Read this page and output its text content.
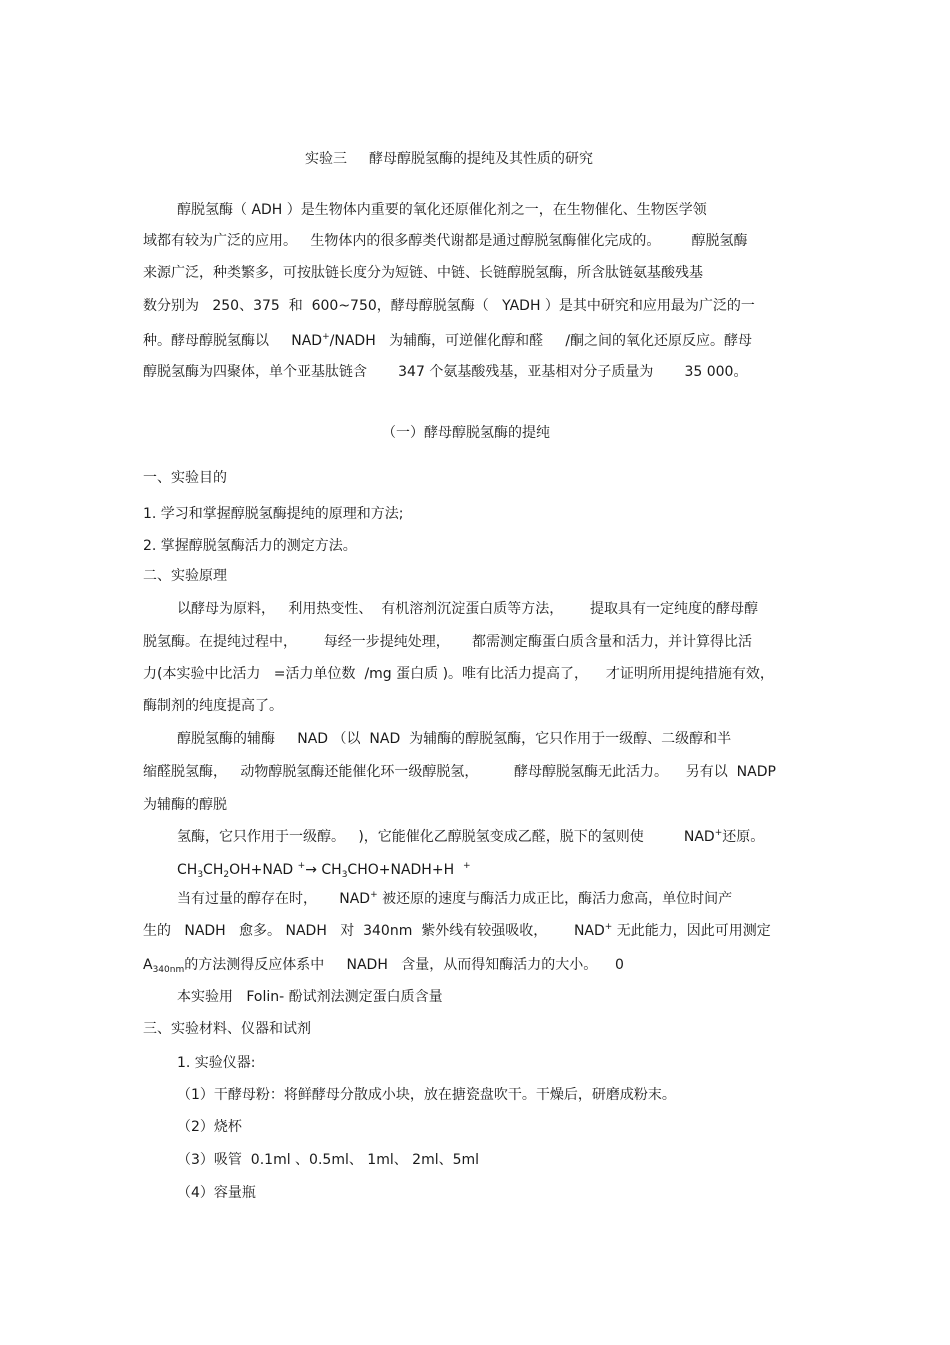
实验三 酵母醇脱氢酶的提纯及其性质的研究
醇脱氢酶（ ADH ）是生物体内重要的氧化还原催化剂之一，在生物催化、生物医学领
域都有较为广泛的应用。   生物体内的很多醇类代谢都是通过醇脱氢酶催化完成的。       醇脱氢酶
来源广泛，种类繁多，可按肽链长度分为短链、中链、长链醇脱氢酶，所含肽链氨基酸残基
数分别为   250、375  和  600~750，酵母醇脱氢酶（   YADH ）是其中研究和应用最为广泛的一
种。酵母醇脱氢酶以     NAD+/NADH   为辅酶，可逆催化醇和醛     /酮之间的氧化还原反应。酵母
醇脱氢酶为四聚体，单个亚基肽链含       347 个氨基酸残基，亚基相对分子质量为       35 000。
（一）酵母醇脱氢酶的提纯
一、实验目的
1. 学习和掌握醇脱氢酶提纯的原理和方法;
2. 掌握醇脱氢酶活力的测定方法。
二、实验原理
以酵母为原料，   利用热变性、  有机溶剂沉淀蛋白质等方法，      提取具有一定纯度的酵母醇
脱氢酶。在提纯过程中，      每经一步提纯处理，     都需测定酶蛋白质含量和活力，并计算得比活
力(本实验中比活力   =活力单位数  /mg 蛋白质 )。唯有比活力提高了，    才证明所用提纯措施有效，
酶制剂的纯度提高了。
醇脱氢酶的辅酶     NAD （以  NAD  为辅酶的醇脱氢酶，它只作用于一级醇、二级醇和半
缩醛脱氢酶，   动物醇脱氢酶还能催化环一级醇脱氢，        酵母醇脱氢酶无此活力。    另有以  NADP
为辅酶的醇脱
氢酶，它只作用于一级醇。   )，它能催化乙醇脱氢变成乙醛，脱下的氢则使         NAD+还原。
$CH_3CH_2OH+NAD$ $^+\to CH_3CHO+NADH+H$  +
当有过量的醇存在时，     NAD+ 被还原的速度与酶活力成正比，酶活力愈高，单位时间产
生的   NADH   愈多。 NADH   对  340nm  紫外线有较强吸收，      NAD+ 无此能力，因此可用测定
$A_{340nm}$的方法测得反应体系中     NADH   含量，从而得知酶活力的大小。    0
本实验用   Folin- 酚试剂法测定蛋白质含量
三、实验材料、仪器和试剂
1. 实验仪器:
（1）干酵母粉：将鲜酵母分散成小块，放在搪瓷盘吹干。干燥后，研磨成粉末。
（2）烧杯
（3）吸管  0.1ml 、0.5ml、 1ml、 2ml、5ml
（4）容量瓶
